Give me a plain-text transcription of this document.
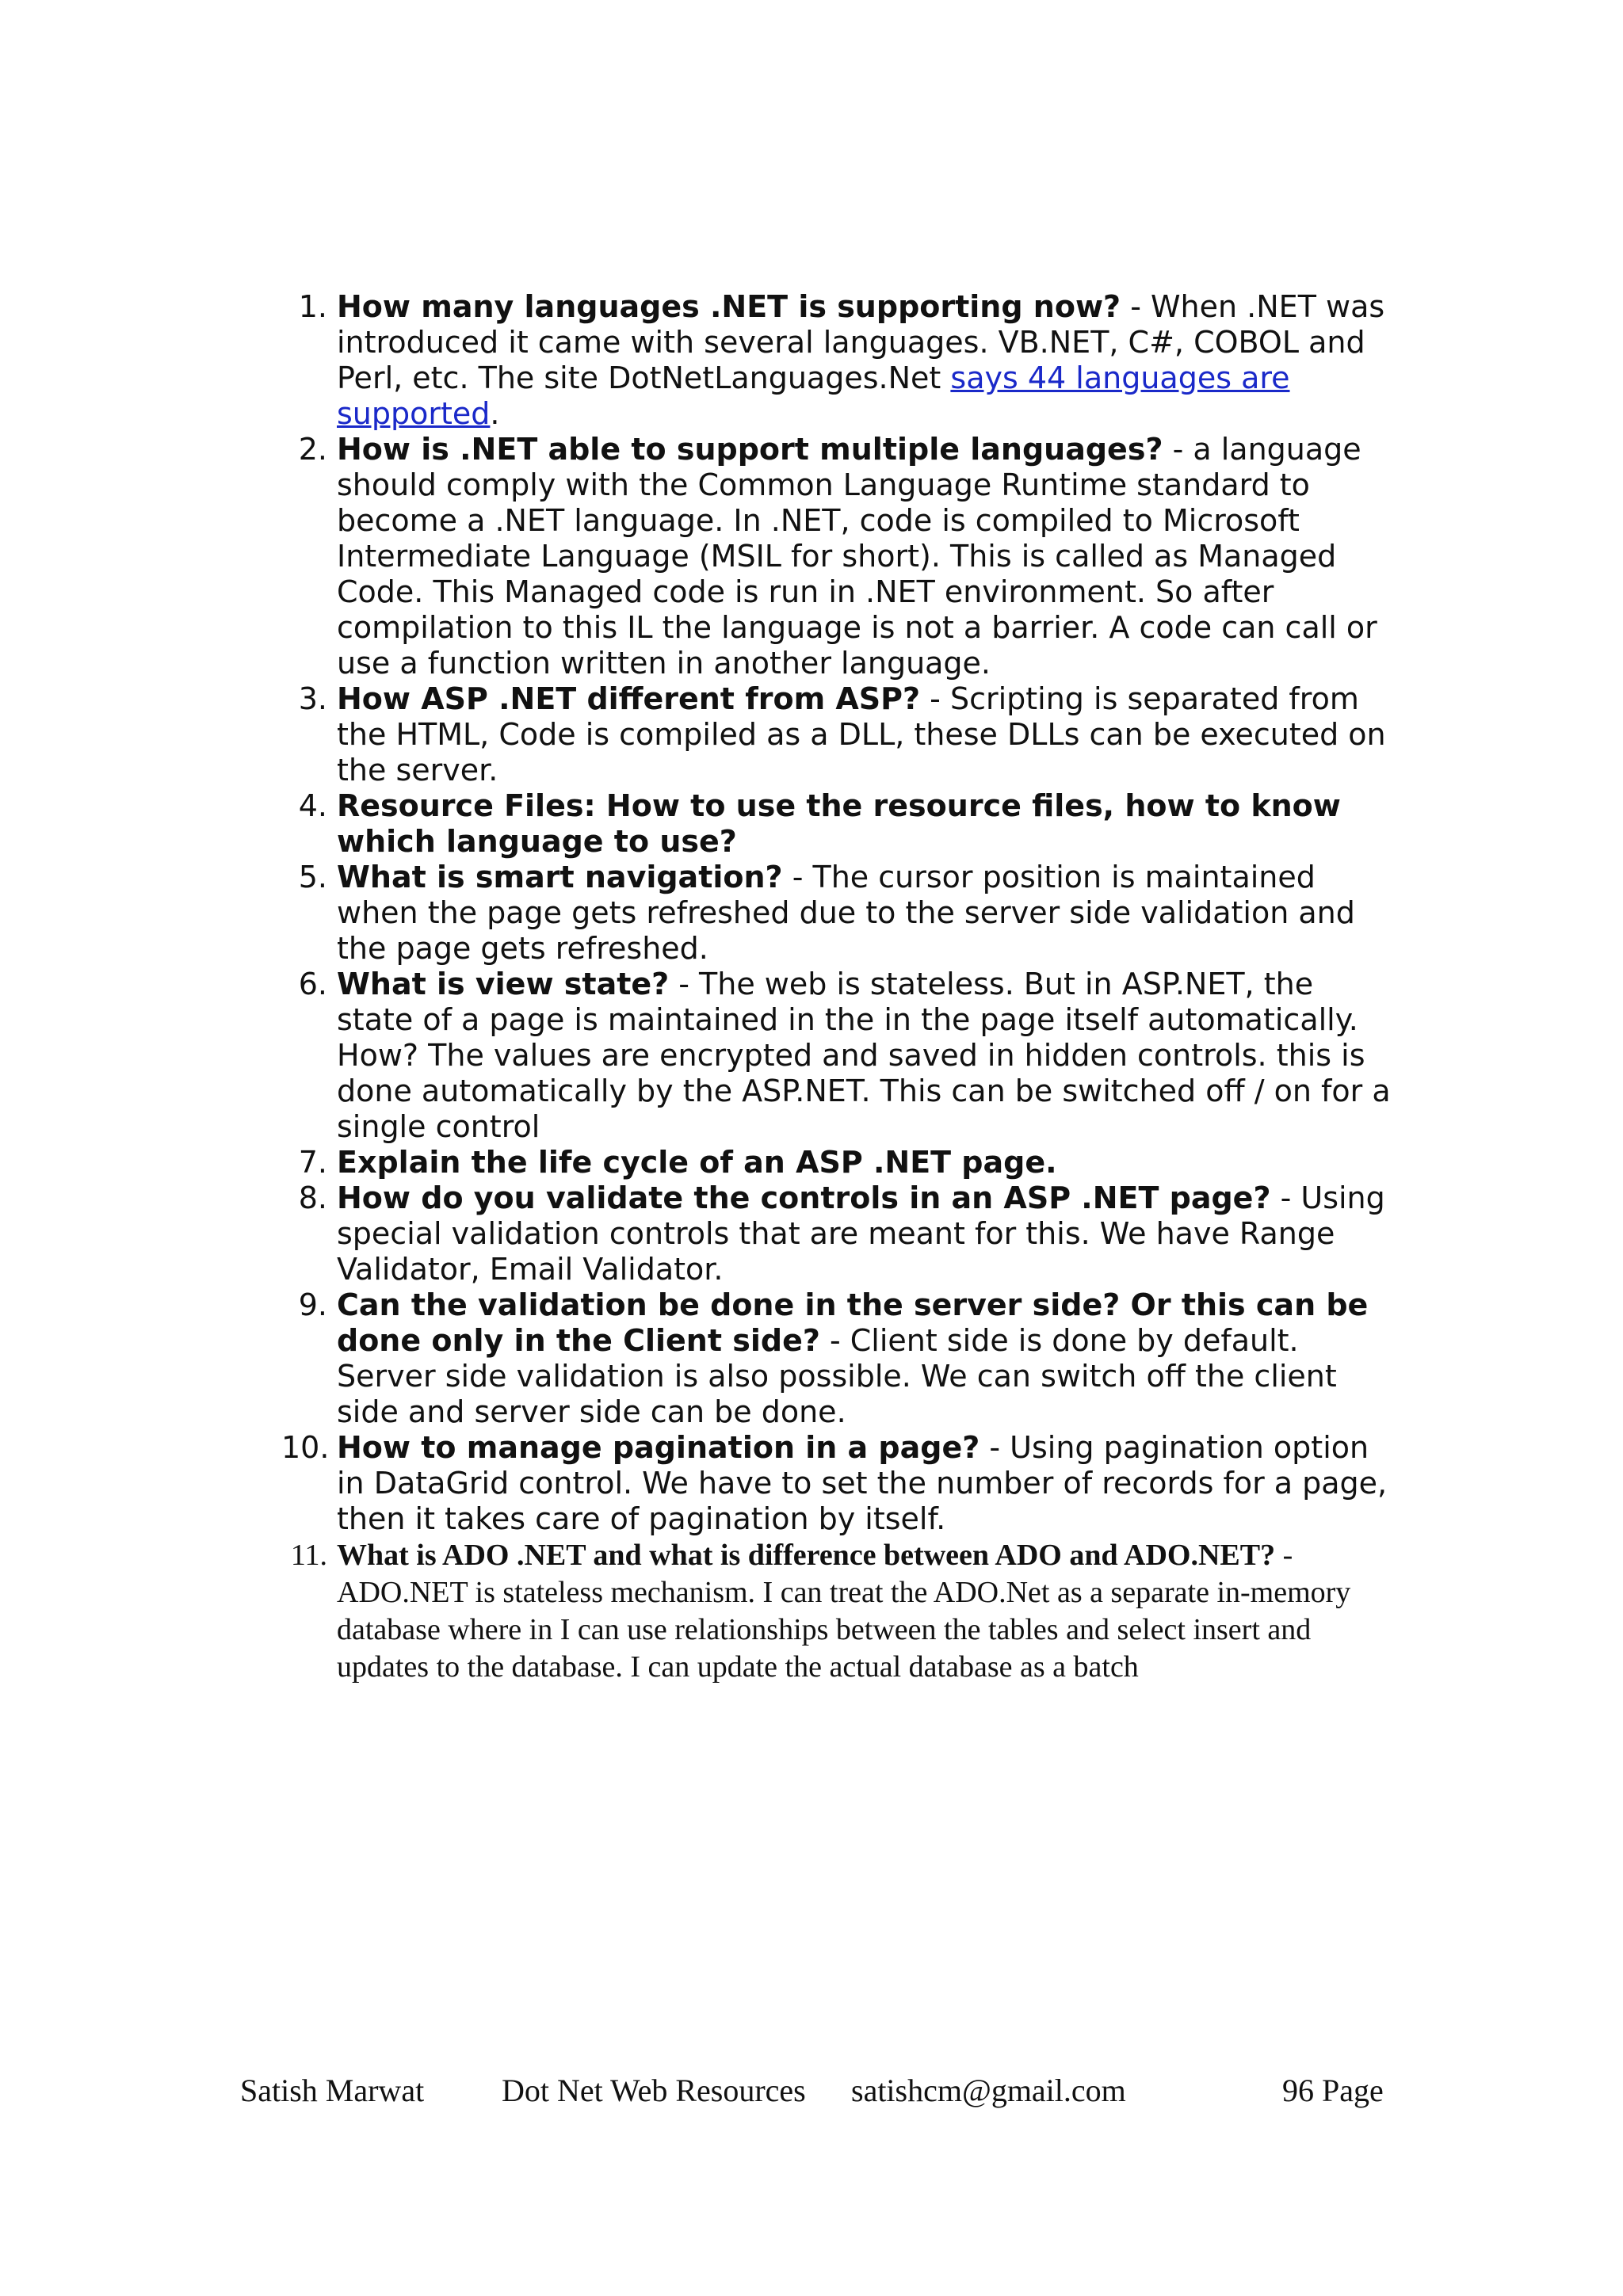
1. How many languages .NET is supporting now? - When .NET was introduced it came with several languages. VB.NET, C#, COBOL and Perl, etc. The site DotNetLanguages.Net says 44 languages are supported.
2. How is .NET able to support multiple languages? - a language should comply with the Common Language Runtime standard to become a .NET language. In .NET, code is compiled to Microsoft Intermediate Language (MSIL for short). This is called as Managed Code. This Managed code is run in .NET environment. So after compilation to this IL the language is not a barrier. A code can call or use a function written in another language.
3. How ASP .NET different from ASP? - Scripting is separated from the HTML, Code is compiled as a DLL, these DLLs can be executed on the server.
4. Resource Files: How to use the resource files, how to know which language to use?
5. What is smart navigation? - The cursor position is maintained when the page gets refreshed due to the server side validation and the page gets refreshed.
6. What is view state? - The web is stateless. But in ASP.NET, the state of a page is maintained in the in the page itself automatically. How? The values are encrypted and saved in hidden controls. this is done automatically by the ASP.NET. This can be switched off / on for a single control
7. Explain the life cycle of an ASP .NET page.
8. How do you validate the controls in an ASP .NET page? - Using special validation controls that are meant for this. We have Range Validator, Email Validator.
9. Can the validation be done in the server side? Or this can be done only in the Client side? - Client side is done by default. Server side validation is also possible. We can switch off the client side and server side can be done.
10. How to manage pagination in a page? - Using pagination option in DataGrid control. We have to set the number of records for a page, then it takes care of pagination by itself.
11. What is ADO .NET and what is difference between ADO and ADO.NET? - ADO.NET is stateless mechanism. I can treat the ADO.Net as a separate in-memory database where in I can use relationships between the tables and select insert and updates to the database. I can update the actual database as a batch
Satish Marwat Dot Net Web Resources satishcm@gmail.com	96 Page
